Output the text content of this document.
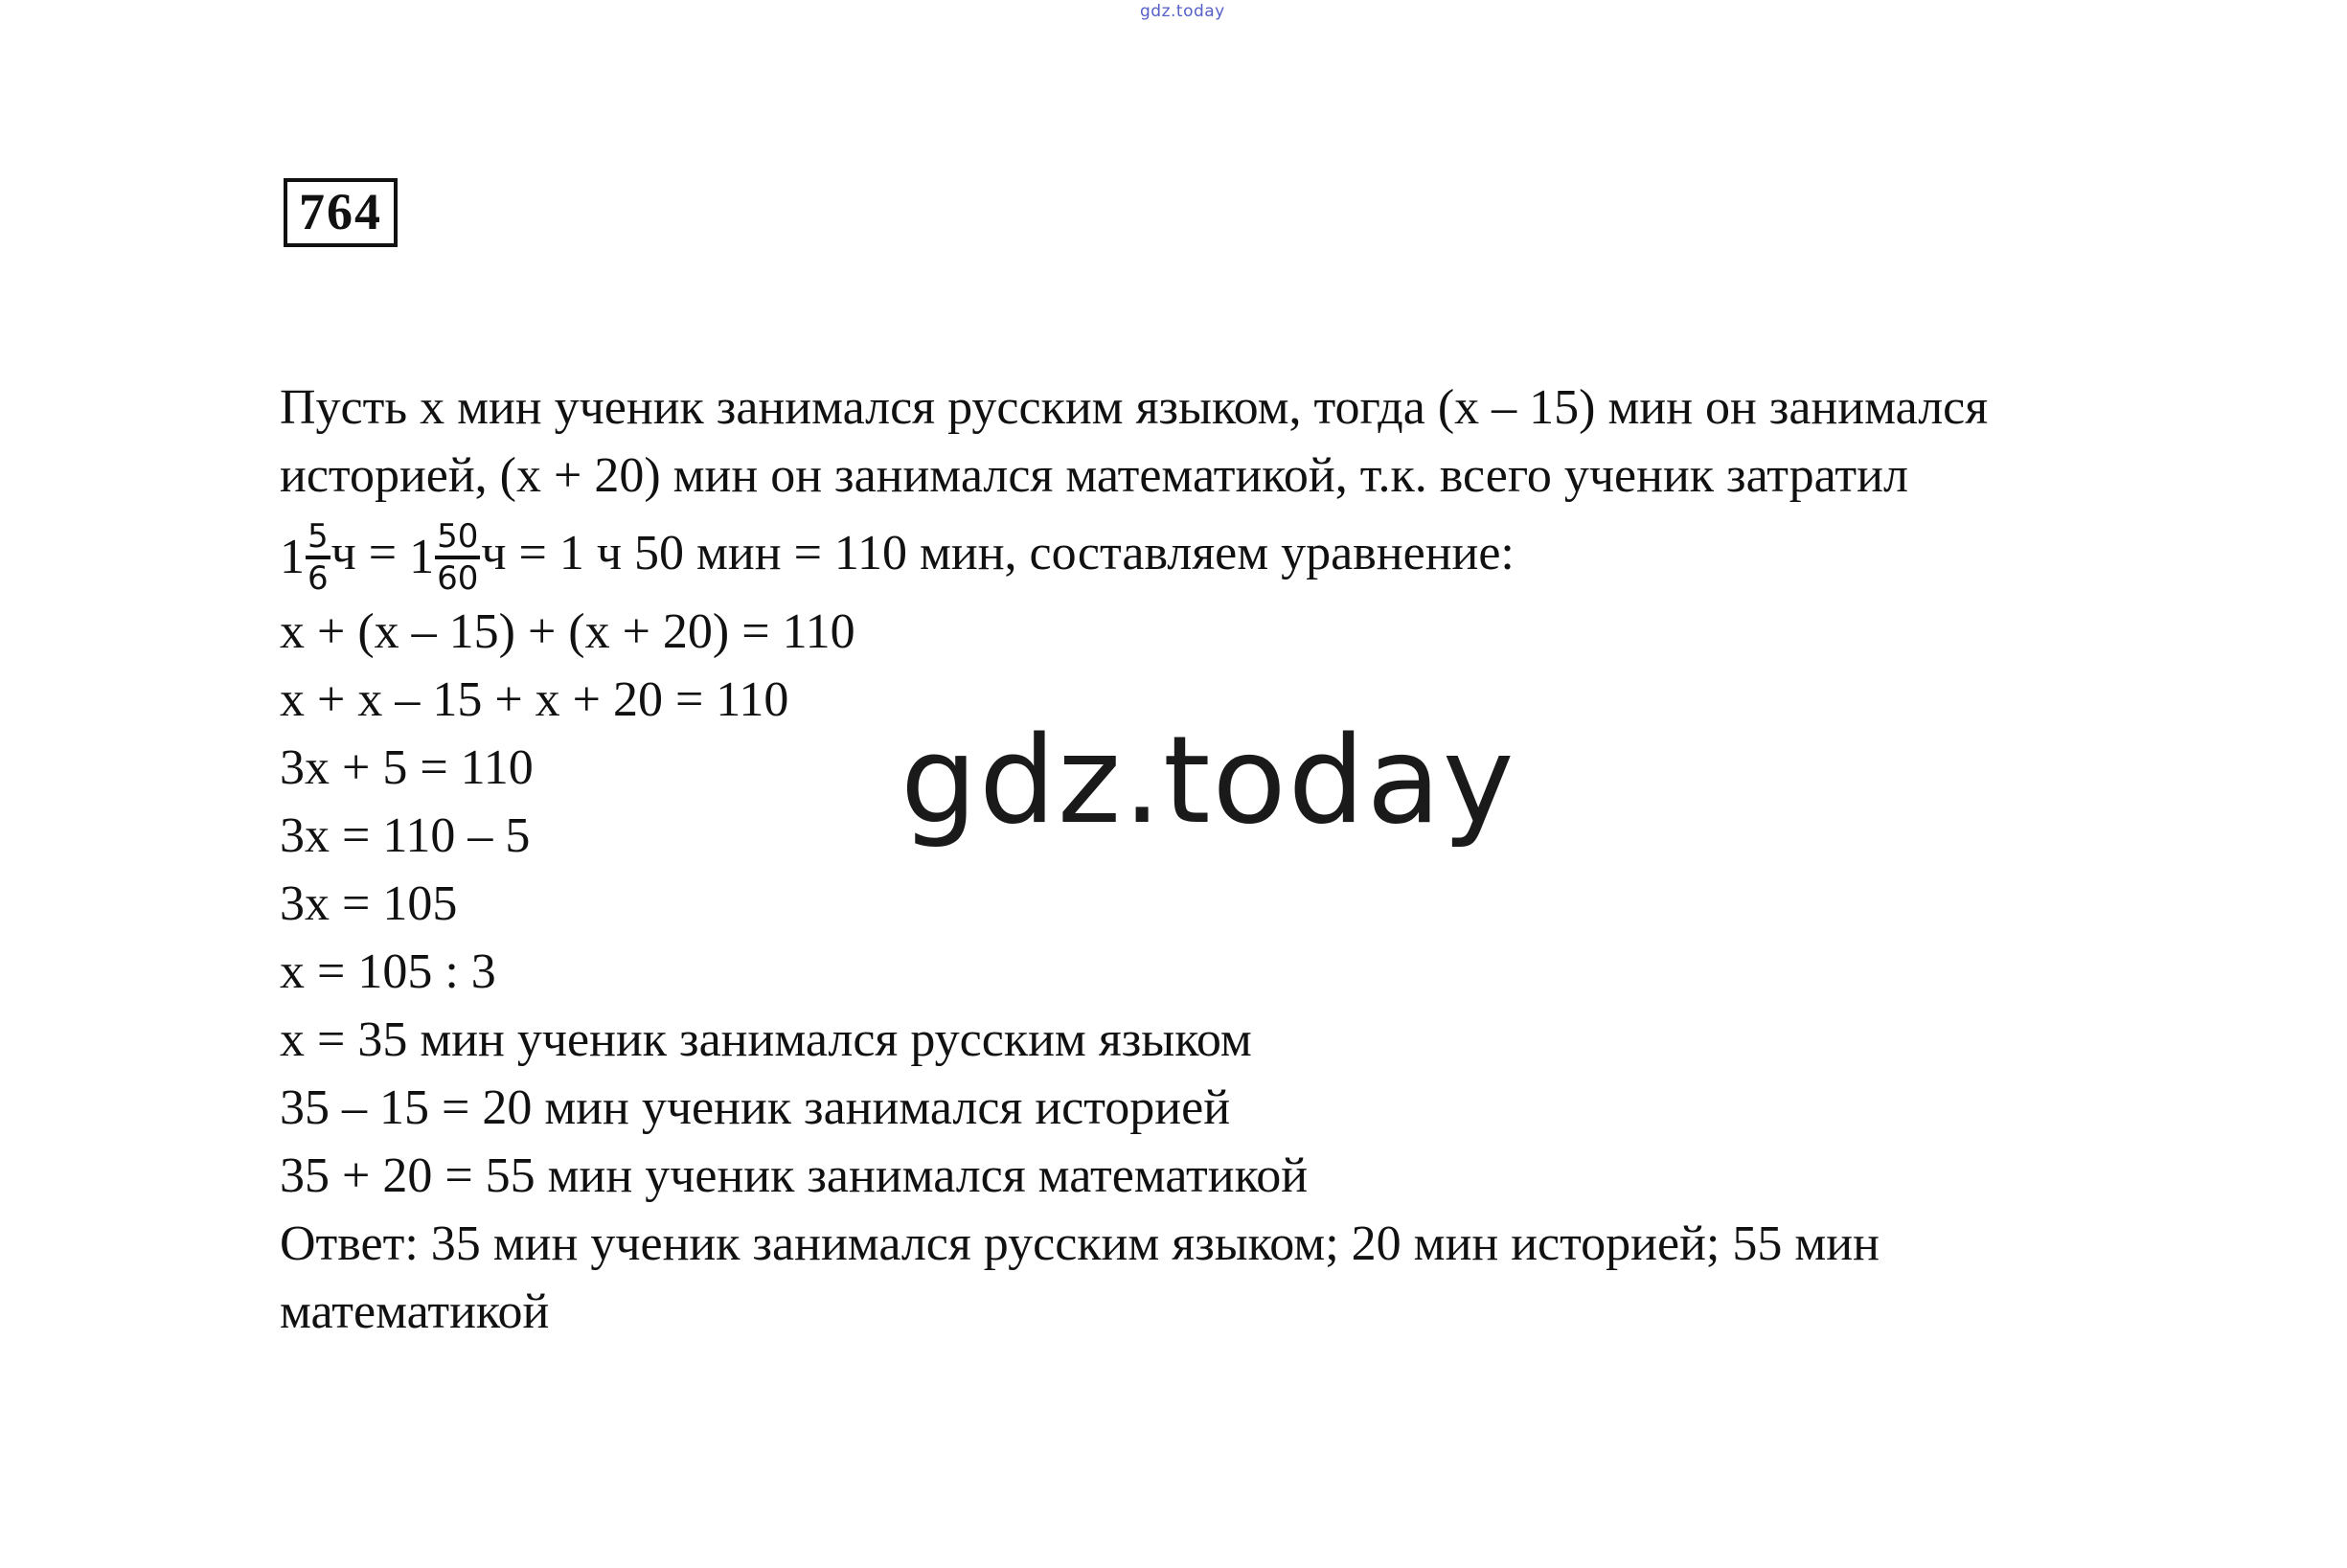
gdz.today
764
Пусть х мин ученик занимался русским языком, тогда (х – 15) мин он занимался историей, (х + 20) мин он занимался математикой, т.к. всего ученик затратил
$1 \frac{5}{6}$ $ч = 1 \frac{50}{60}$ ч = 1 ч 50 мин = 110 мин, составляем уравнение:
х + (х – 15) + (х + 20) = 110
х + х – 15 + х + 20 = 110
3х + 5 = 110
3х = 110 – 5
3х = 105
х = 105 : 3
х = 35 мин ученик занимался русским языком
35 – 15 = 20 мин ученик занимался историей
35 + 20 = 55 мин ученик занимался математикой
Ответ: 35 мин ученик занимался русским языком; 20 мин историей; 55 мин математикой
gdz.today
